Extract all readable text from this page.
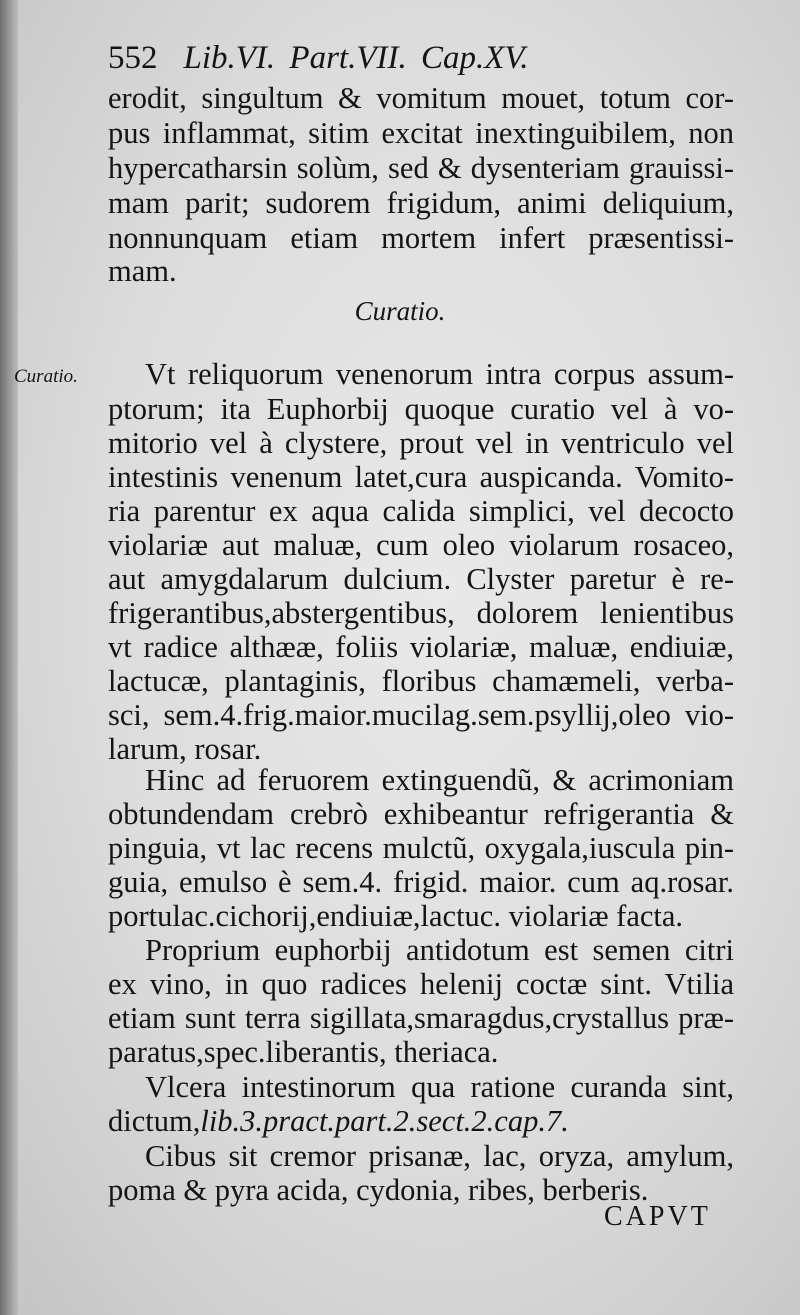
552 Lib.VI. Part.VII. Cap.XV.
erodit, singultum & vomitum mouet, totum cor-
pus inflammat, sitim excitat inextinguibilem, non
hypercatharsin solùm, sed & dysenteriam grauissi-
mam parit; sudorem frigidum, animi deliquium,
nonnunquam etiam mortem infert præsentissi-
mam.
Curatio.
Curatio. Vt reliquorum venenorum intra corpus assum-
ptorum; ita Euphorbij quoque curatio vel à vo-
mitorio vel à clystere, prout vel in ventriculo vel
intestinis venenum latet,cura auspicanda. Vomito-
ria parentur ex aqua calida simplici, vel decocto
violariæ aut maluæ, cum oleo violarum rosaceo,
aut amygdalarum dulcium. Clyster paretur è re-
frigerantibus,abstergentibus, dolorem lenientibus
vt radice althææ, foliis violariæ, maluæ, endiuiæ,
lactucæ, plantaginis, floribus chamæmeli, verba-
sci, sem.4.frig.maior.mucilag.sem.psyllij,oleo vio-
larum, rosar.
Hinc ad feruorem extinguendũ, & acrimoniam
obtundendam crebrò exhibeantur refrigerantia &
pinguia, vt lac recens mulctũ, oxygala,iuscula pin-
guia, emulso è sem.4. frigid. maior. cum aq.rosar.
portulac.cichorij,endiuiæ,lactuc. violariæ facta.
Proprium euphorbij antidotum est semen citri
ex vino, in quo radices helenij coctæ sint. Vtilia
etiam sunt terra sigillata,smaragdus,crystallus præ-
paratus,spec.liberantis, theriaca.
Vlcera intestinorum qua ratione curanda sint,
dictum,lib.3.pract.part.2.sect.2.cap.7.
Cibus sit cremor prisanæ, lac, oryza, amylum,
poma & pyra acida, cydonia, ribes, berberis.
CAPVT
